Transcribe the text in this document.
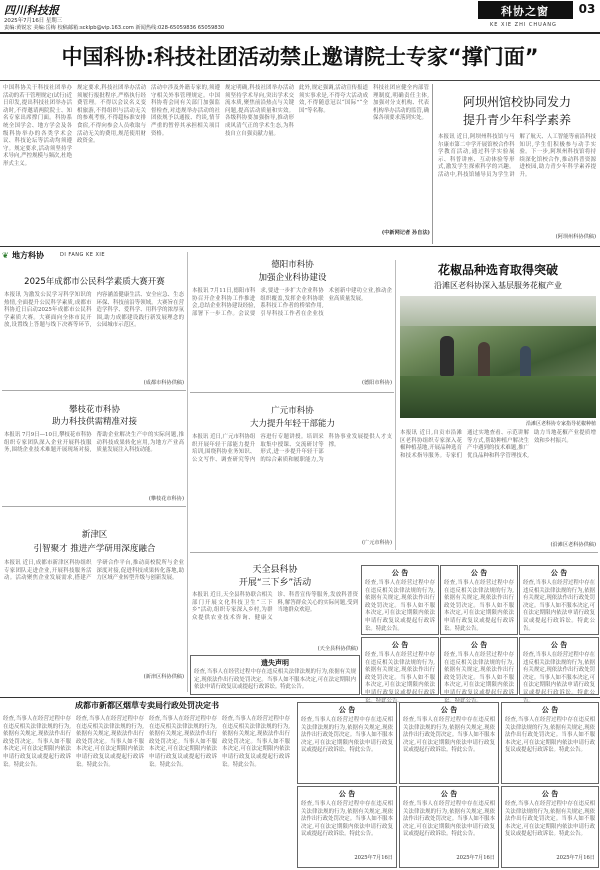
四川科技报
2025年7月16日 星期三
责编:黄锐宏 美编:岳梅 校稿邮箱:scklpb@vip.163.com 新闻热线:028-65059836 65059830
科协之窗	03
KE XIE ZHI CHUANG
中国科协:科技社团活动禁止邀请院士专家“撑门面”
中国科协关于科技社团举办活动的若干管理规定(试行)近日印发,提出科技社团举办活动时,不得邀请两院院士、知名专家出席撑门面。科协系统全国学会、地方学会及各级科协举办的各类学术会议、科技论坛等活动均须遵守。规定要求,活动须坚持学术导向,严控规模与频次,杜绝形式主义。
规定要求,科技社团举办活动须履行报批程序,严格执行经费管理。不得以会议名义变相旅游,不得组织与活动无关的参观考察,不得超标准安排食宿,不得向参会人员收取与活动无关的费用,规范使用财政资金。
活动中涉及外籍专家的,须遵守相关外事管理规定。中国科协将会同有关部门加强监督检查,对违规举办活动的社团依规予以通报、约谈,情节严重的暂停其承担相关项目资格。
规定明确,科技社团举办活动须坚持学术导向,突出学术交流本质,聚焦前沿热点与关键问题,提高活动质量和实效。各级科协要加强指导,推动形成风清气正的学术生态,为科技自立自强贡献力量。
此外,规定强调,活动宣传报道须实事求是,不得夸大活动成效,不得随意冠以“国际”“全国”等名称。
科技社团应健全内部管理制度,明确责任主体,加强对分支机构、代表机构举办活动的监管,确保各项要求落到实处。
(中新网记者 孙自法)
阿坝州馆校协同发力
提升青少年科学素养
本报讯 近日,阿坝州科技馆与马尔康市第二中学开展馆校合作科学教育活动,通过科学实验展示、科普讲座、互动体验等形式,激发学生探索科学的兴趣。活动中,科技馆辅导员为学生讲解了航天、人工智能等前沿科技知识,学生们积极参与动手实验。下一步,阿坝州科技馆将持续深化馆校合作,推动科普资源进校园,助力青少年科学素养提升。
(阿坝州科协供稿)
❦ 地方科协	DI FANG KE XIE
2025年成都市公民科学素质大赛开赛
本报讯 为激发公民学习科学知识的热情,全面提升公民科学素质,成都市科协近日启动2025年成都市公民科学素质大赛。大赛面向全体市民开放,设置线上答题与线下决赛等环节,内容涵盖健康生活、安全应急、生态环保、科技前沿等领域。大赛旨在营造学科学、爱科学、用科学的浓厚氛围,助力成都建设践行新发展理念的公园城市示范区。
(成都市科协供稿)
攀枝花市科协
助力科技供需精准对接
本报讯 7月9日—10日,攀枝花市科协组织专家团队深入企业开展科技服务,围绕企业技术难题开展现场对接,帮助企业解决生产中的实际问题,推动科技成果转化应用,为地方产业高质量发展注入科技动能。
(攀枝花市科协)
新津区
引智聚才 推进产学研用深度融合
本报讯 近日,成都市新津区科协组织专家团队走进企业,开展科技服务活动。活动聚焦企业发展需求,搭建产学研合作平台,推动高校院所与企业深度对接,促进科技成果转化落地,助力区域产业转型升级与创新发展。
(新津区科协供稿)
德阳市科协
加强企业科协建设
本报讯 7月11日,德阳市科协召开企业科协工作推进会,总结企业科协建设经验,部署下一步工作。会议要求,要进一步扩大企业科协组织覆盖,发挥企业科协联系科技工作者的桥梁作用,引导科技工作者在企业技术创新中建功立业,推动企业高质量发展。
(德阳市科协)
广元市科协
大力提升年轻干部能力
本报讯 近日,广元市科协组织开展年轻干部能力提升培训,围绕科协业务知识、公文写作、调查研究等内容进行专题讲授。培训采取集中授课、交流研讨等形式,进一步提升年轻干部的综合素质和履职能力,为科协事业发展提供人才支撑。
(广元市科协)
花椒品种选育取得突破
沿滩区老科协深入基层服务花椒产业
沿滩区老科协专家指导花椒种植
本报讯 近日,自贡市沿滩区老科协组织专家深入花椒种植基地,开展品种选育和技术指导服务。专家们通过实地查看、示范讲解等方式,帮助种植户解决生产中遇到的技术难题,推广优良品种和科学管理技术,助力当地花椒产业提质增效和乡村振兴。
(沿滩区老科协供稿)
天全县科协
开展“三下乡”活动
本报讯 近日,天全县科协联合相关部门开展文化科技卫生“三下乡”活动,组织专家深入乡村,为群众提供农业技术咨询、健康义诊、科普宣传等服务,发放科普资料,解答群众关心的实际问题,受到当地群众欢迎。
(天全县科协供稿)
公 告
经查,当事人在经营过程中存在违反相关法律法规的行为,依据有关规定,现依法作出行政处罚决定。当事人如不服本决定,可在法定期限内依法申请行政复议或提起行政诉讼。特此公告。
公 告
经查,当事人在经营过程中存在违反相关法律法规的行为,依据有关规定,现依法作出行政处罚决定。当事人如不服本决定,可在法定期限内依法申请行政复议或提起行政诉讼。特此公告。
公 告
经查,当事人在经营过程中存在违反相关法律法规的行为,依据有关规定,现依法作出行政处罚决定。当事人如不服本决定,可在法定期限内依法申请行政复议或提起行政诉讼。特此公告。
遗失声明
经查,当事人在经营过程中存在违反相关法律法规的行为,依据有关规定,现依法作出行政处罚决定。当事人如不服本决定,可在法定期限内依法申请行政复议或提起行政诉讼。特此公告。
公 告
经查,当事人在经营过程中存在违反相关法律法规的行为,依据有关规定,现依法作出行政处罚决定。当事人如不服本决定,可在法定期限内依法申请行政复议或提起行政诉讼。特此公告。
公 告
经查,当事人在经营过程中存在违反相关法律法规的行为,依据有关规定,现依法作出行政处罚决定。当事人如不服本决定,可在法定期限内依法申请行政复议或提起行政诉讼。特此公告。
公 告
经查,当事人在经营过程中存在违反相关法律法规的行为,依据有关规定,现依法作出行政处罚决定。当事人如不服本决定,可在法定期限内依法申请行政复议或提起行政诉讼。特此公告。
成都市新都区烟草专卖局行政处罚决定书
经查,当事人在经营过程中存在违反相关法律法规的行为,依据有关规定,现依法作出行政处罚决定。当事人如不服本决定,可在法定期限内依法申请行政复议或提起行政诉讼。特此公告。
经查,当事人在经营过程中存在违反相关法律法规的行为,依据有关规定,现依法作出行政处罚决定。当事人如不服本决定,可在法定期限内依法申请行政复议或提起行政诉讼。特此公告。
经查,当事人在经营过程中存在违反相关法律法规的行为,依据有关规定,现依法作出行政处罚决定。当事人如不服本决定,可在法定期限内依法申请行政复议或提起行政诉讼。特此公告。
经查,当事人在经营过程中存在违反相关法律法规的行为,依据有关规定,现依法作出行政处罚决定。当事人如不服本决定,可在法定期限内依法申请行政复议或提起行政诉讼。特此公告。
公 告
经查,当事人在经营过程中存在违反相关法律法规的行为,依据有关规定,现依法作出行政处罚决定。当事人如不服本决定,可在法定期限内依法申请行政复议或提起行政诉讼。特此公告。
公 告
经查,当事人在经营过程中存在违反相关法律法规的行为,依据有关规定,现依法作出行政处罚决定。当事人如不服本决定,可在法定期限内依法申请行政复议或提起行政诉讼。特此公告。
公 告
经查,当事人在经营过程中存在违反相关法律法规的行为,依据有关规定,现依法作出行政处罚决定。当事人如不服本决定,可在法定期限内依法申请行政复议或提起行政诉讼。特此公告。
公 告
经查,当事人在经营过程中存在违反相关法律法规的行为,依据有关规定,现依法作出行政处罚决定。当事人如不服本决定,可在法定期限内依法申请行政复议或提起行政诉讼。特此公告。
2025年7月16日
公 告
经查,当事人在经营过程中存在违反相关法律法规的行为,依据有关规定,现依法作出行政处罚决定。当事人如不服本决定,可在法定期限内依法申请行政复议或提起行政诉讼。特此公告。
2025年7月16日
公 告
经查,当事人在经营过程中存在违反相关法律法规的行为,依据有关规定,现依法作出行政处罚决定。当事人如不服本决定,可在法定期限内依法申请行政复议或提起行政诉讼。特此公告。
2025年7月16日
